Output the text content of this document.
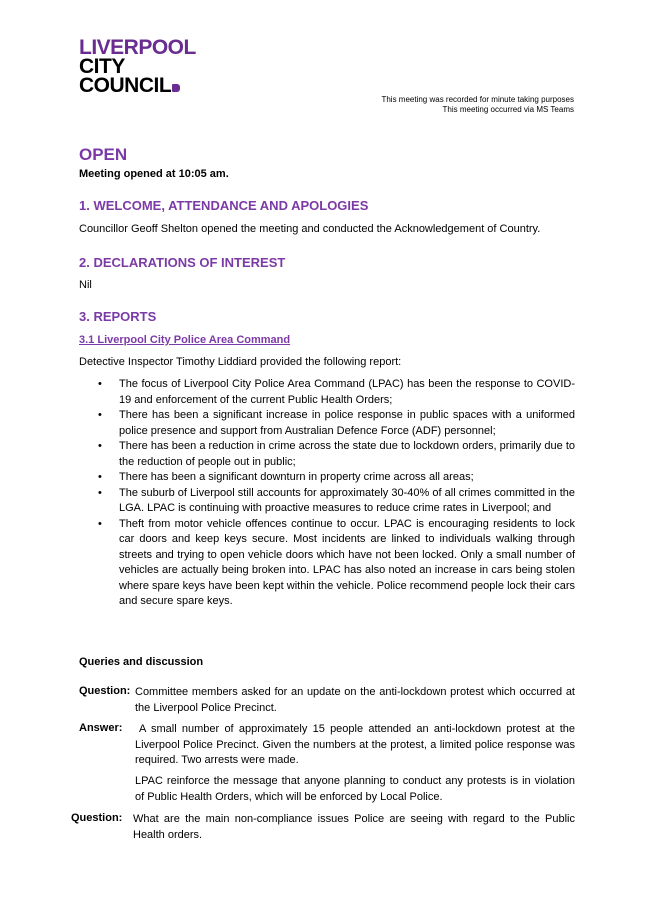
LIVERPOOL
CITY
COUNCIL
This meeting was recorded for minute taking purposes
This meeting occurred via MS Teams
OPEN

Meeting opened at 10:05 am.

1. WELCOME, ATTENDANCE AND APOLOGIES

Councillor Geoff Shelton opened the meeting and conducted the Acknowledgement of Country.

2. DECLARATIONS OF INTEREST

Nil

3. REPORTS
3.1 Liverpool City Police Area Command

Detective Inspector Timothy Liddiard provided the following report:

• The focus of Liverpool City Police Area Command (LPAC) has been the response to COVID-19 and enforcement of the current Public Health Orders;
• There has been a significant increase in police response in public spaces with a uniformed police presence and support from Australian Defence Force (ADF) personnel;
• There has been a reduction in crime across the state due to lockdown orders, primarily due to the reduction of people out in public;
• There has been a significant downturn in property crime across all areas;
• The suburb of Liverpool still accounts for approximately 30-40% of all crimes committed in the LGA. LPAC is continuing with proactive measures to reduce crime rates in Liverpool; and
• Theft from motor vehicle offences continue to occur. LPAC is encouraging residents to lock car doors and keep keys secure. Most incidents are linked to individuals walking through streets and trying to open vehicle doors which have not been locked. Only a small number of vehicles are actually being broken into. LPAC has also noted an increase in cars being stolen where spare keys have been kept within the vehicle. Police recommend people lock their cars and secure spare keys.

Queries and discussion

Question: Committee members asked for an update on the anti-lockdown protest which occurred at the Liverpool Police Precinct.
Answer:	A small number of approximately 15 people attended an anti-lockdown protest at the Liverpool Police Precinct. Given the numbers at the protest, a limited police response was required. Two arrests were made.
LPAC reinforce the message that anyone planning to conduct any protests is in violation of Public Health Orders, which will be enforced by Local Police.
Question: What are the main non-compliance issues Police are seeing with regard to the Public Health orders.
